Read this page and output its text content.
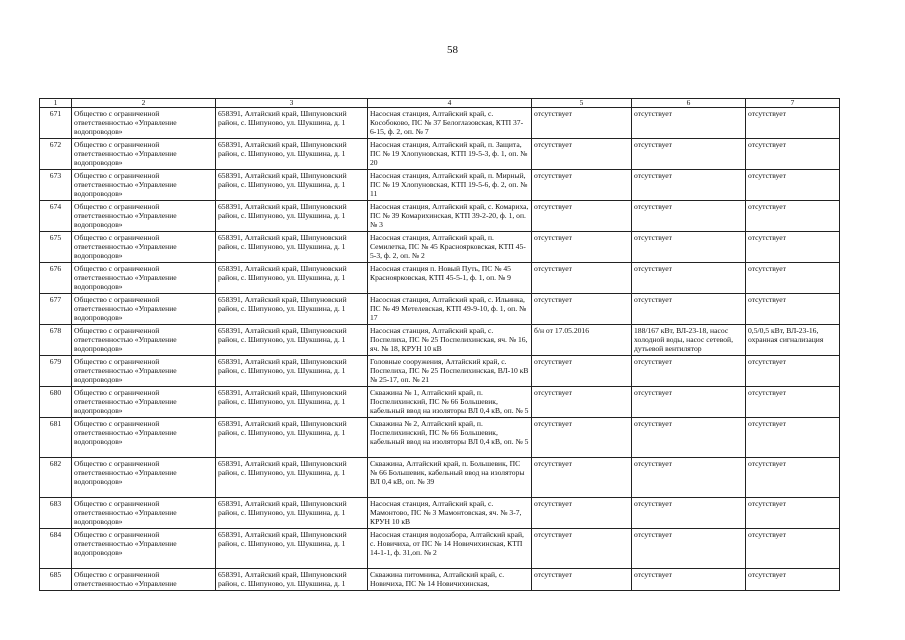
58
1	2	3	4	5	6	7
671	Общество с ограниченной ответственностью «Управление водопроводов»	658391, Алтайский край, Шипуновский район, с. Шипуново, ул. Шукшина, д. 1	Насосная станция, Алтайский край, с. Кособоково, ПС № 37 Белоглазовская, КТП 37-6-15, ф. 2, оп. № 7	отсутствует	отсутствует	отсутствует
672	Общество с ограниченной ответственностью «Управление водопроводов»	658391, Алтайский край, Шипуновский район, с. Шипуново, ул. Шукшина, д. 1	Насосная станция, Алтайский край, п. Защита, ПС № 19 Хлопуновская, КТП 19-5-3, ф. 1, оп. № 20	отсутствует	отсутствует	отсутствует
673	Общество с ограниченной ответственностью «Управление водопроводов»	658391, Алтайский край, Шипуновский район, с. Шипуново, ул. Шукшина, д. 1	Насосная станция, Алтайский край, п. Мирный, ПС № 19 Хлопуновская, КТП 19-5-6, ф. 2, оп. № 11	отсутствует	отсутствует	отсутствует
674	Общество с ограниченной ответственностью «Управление водопроводов»	658391, Алтайский край, Шипуновский район, с. Шипуново, ул. Шукшина, д. 1	Насосная станция, Алтайский край, с. Комариха, ПС № 39 Комарихинская, КТП 39-2-20, ф. 1, оп. № 3	отсутствует	отсутствует	отсутствует
675	Общество с ограниченной ответственностью «Управление водопроводов»	658391, Алтайский край, Шипуновский район, с. Шипуново, ул. Шукшина, д. 1	Насосная станция, Алтайский край, п. Семилетка, ПС № 45 Красноярковская, КТП 45-5-3, ф. 2, оп. № 2	отсутствует	отсутствует	отсутствует
676	Общество с ограниченной ответственностью «Управление водопроводов»	658391, Алтайский край, Шипуновский район, с. Шипуново, ул. Шукшина, д. 1	Насосная станция п. Новый Путь, ПС № 45 Красноярковская, КТП 45-5-1, ф. 1, оп. № 9	отсутствует	отсутствует	отсутствует
677	Общество с ограниченной ответственностью «Управление водопроводов»	658391, Алтайский край, Шипуновский район, с. Шипуново, ул. Шукшина, д. 1	Насосная станция, Алтайский край, с. Ильинка, ПС № 49 Метелевская, КТП 49-9-10, ф. 1, оп. № 17	отсутствует	отсутствует	отсутствует
678	Общество с ограниченной ответственностью «Управление водопроводов»	658391, Алтайский край, Шипуновский район, с. Шипуново, ул. Шукшина, д. 1	Насосная станция, Алтайский край, с. Поспелиха, ПС № 25 Поспелихинская, яч. № 16, яч. № 18, КРУН 10 кВ	б/н от 17.05.2016	188/167 кВт, ВЛ-23-18, насос холодной воды, насос сетевой, дутьевой вентилятор	0,5/0,5 кВт, ВЛ-23-16, охранная сигнализация
679	Общество с ограниченной ответственностью «Управление водопроводов»	658391, Алтайский край, Шипуновский район, с. Шипуново, ул. Шукшина, д. 1	Головные сооружения, Алтайский край, с. Поспелиха, ПС № 25 Поспелихинская, ВЛ-10 кВ № 25-17, оп. № 21	отсутствует	отсутствует	отсутствует
680	Общество с ограниченной ответственностью «Управление водопроводов»	658391, Алтайский край, Шипуновский район, с. Шипуново, ул. Шукшина, д. 1	Скважина № 1, Алтайский край, п. Поспелихинский, ПС № 66 Большевик, кабельный ввод на изоляторы ВЛ 0,4 кВ, оп. № 5	отсутствует	отсутствует	отсутствует
681	Общество с ограниченной ответственностью «Управление водопроводов»	658391, Алтайский край, Шипуновский район, с. Шипуново, ул. Шукшина, д. 1	Скважина № 2, Алтайский край, п. Поспелихинский, ПС № 66 Большевик, кабельный ввод на изоляторы ВЛ 0,4 кВ, оп. № 5	отсутствует	отсутствует	отсутствует
682	Общество с ограниченной ответственностью «Управление водопроводов»	658391, Алтайский край, Шипуновский район, с. Шипуново, ул. Шукшина, д. 1	Скважина, Алтайский край, п. Большевик, ПС № 66 Большевик, кабельный ввод на изоляторы ВЛ 0,4 кВ, оп. № 39	отсутствует	отсутствует	отсутствует
683	Общество с ограниченной ответственностью «Управление водопроводов»	658391, Алтайский край, Шипуновский район, с. Шипуново, ул. Шукшина, д. 1	Насосная станция, Алтайский край, с. Мамонтово, ПС № 3 Мамонтовская, яч. № 3-7, КРУН 10 кВ	отсутствует	отсутствует	отсутствует
684	Общество с ограниченной ответственностью «Управление водопроводов»	658391, Алтайский край, Шипуновский район, с. Шипуново, ул. Шукшина, д. 1	Насосная станция водозабора, Алтайский край, с. Новичиха, от ПС № 14 Новичихинская, КТП 14-1-1, ф. 31,оп. № 2	отсутствует	отсутствует	отсутствует
685	Общество с ограниченной ответственностью «Управление	658391, Алтайский край, Шипуновский район, с. Шипуново, ул. Шукшина, д. 1	Скважина питомника, Алтайский край, с. Новичиха, ПС № 14 Новичихинская,	отсутствует	отсутствует	отсутствует
